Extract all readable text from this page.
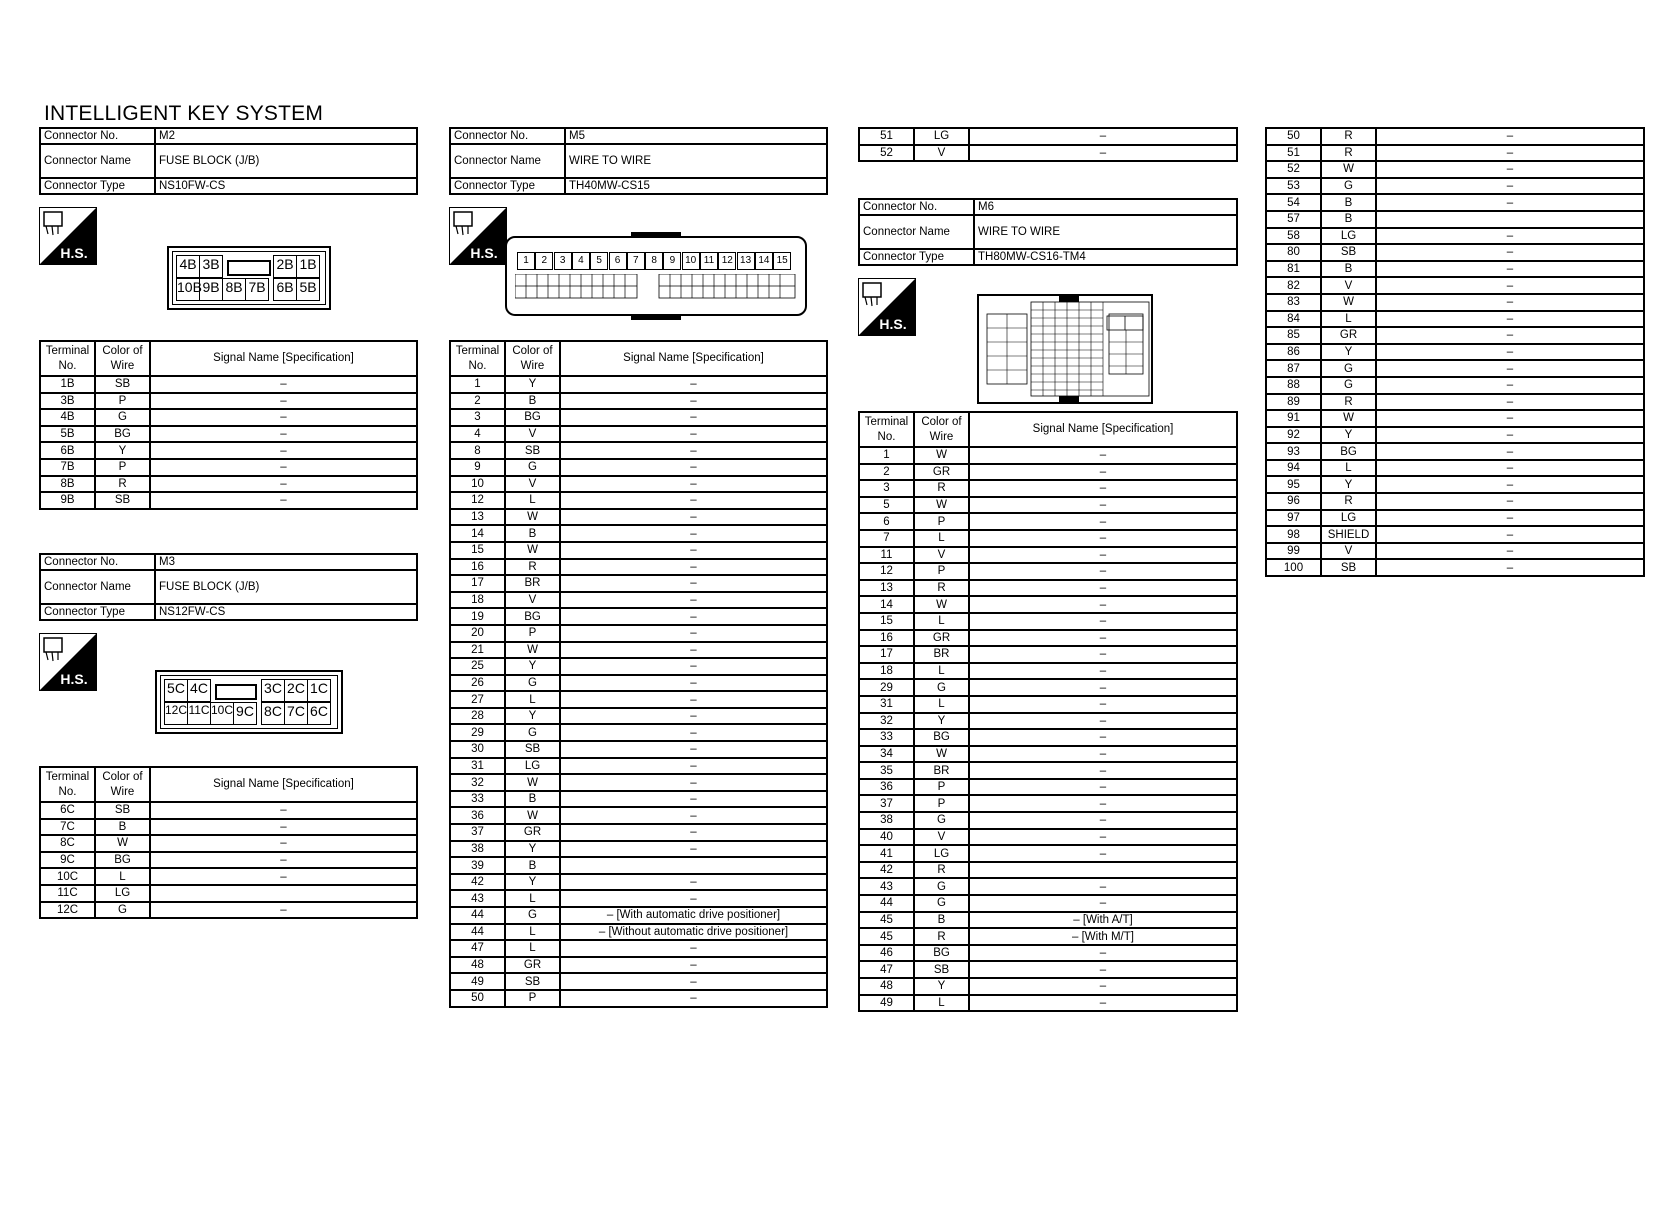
INTELLIGENT KEY SYSTEM
Connector No.	M2
Connector Name	FUSE BLOCK (J/B)
Connector Type	NS10FW-CS
H.S.
4B 3B	2B 1B
10B 9B 8B 7B 6B 5B
Terminal No.	Color of Wire	Signal Name [Specification]
1B	SB	–
3B	P	–
4B	G	–
5B	BG	–
6B	Y	–
7B	P	–
8B	R	–
9B	SB	–
Connector No.	M3
Connector Name	FUSE BLOCK (J/B)
Connector Type	NS12FW-CS
H.S.
5C 4C	3C 2C 1C
12C 11C 10C 9C 8C 7C 6C
Terminal No.	Color of Wire	Signal Name [Specification]
6C	SB	–
7C	B	–
8C	W	–
9C	BG	–
10C	L	–
11C	LG	
12C	G	–
Connector No.	M5
Connector Name	WIRE TO WIRE
Connector Type	TH40MW-CS15
H.S.	1	2	3	4	5	6	7	8	9 10 11 12 13 14 15
Terminal No.	Color of Wire	Signal Name [Specification]
1	Y	–
2	B	–
3	BG	–
4	V	–
8	SB	–
9	G	–
10	V	–
12	L	–
13	W	–
14	B	–
15	W	–
16	R	–
17	BR	–
18	V	–
19	BG	–
20	P	–
21	W	–
25	Y	–
26	G	–
27	L	–
28	Y	–
29	G	–
30	SB	–
31	LG	–
32	W	–
33	B	–
36	W	–
37	GR	–
38	Y	–
39	B	
42	Y	–
43	L	–
44	G	– [With automatic drive positioner]
44	L	– [Without automatic drive positioner]
47	L	–
48	GR	–
49	SB	–
50	P	–
51	LG	–
52	V	–
Connector No.	M6
Connector Name	WIRE TO WIRE
Connector Type	TH80MW-CS16-TM4
H.S.
Terminal No.	Color of Wire	Signal Name [Specification]
1	W	–
2	GR	–
3	R	–
5	W	–
6	P	–
7	L	–
11	V	–
12	P	–
13	R	–
14	W	–
15	L	–
16	GR	–
17	BR	–
18	L	–
29	G	–
31	L	–
32	Y	–
33	BG	–
34	W	–
35	BR	–
36	P	–
37	P	–
38	G	–
40	V	–
41	LG	–
42	R	
43	G	–
44	G	–
45	B	– [With A/T]
45	R	– [With M/T]
46	BG	–
47	SB	–
48	Y	–
49	L	–
50	R	–
51	R	–
52	W	–
53	G	–
54	B	–
57	B	
58	LG	–
80	SB	–
81	B	–
82	V	–
83	W	–
84	L	–
85	GR	–
86	Y	–
87	G	–
88	G	–
89	R	–
91	W	–
92	Y	–
93	BG	–
94	L	–
95	Y	–
96	R	–
97	LG	–
98	SHIELD	–
99	V	–
100	SB	–
